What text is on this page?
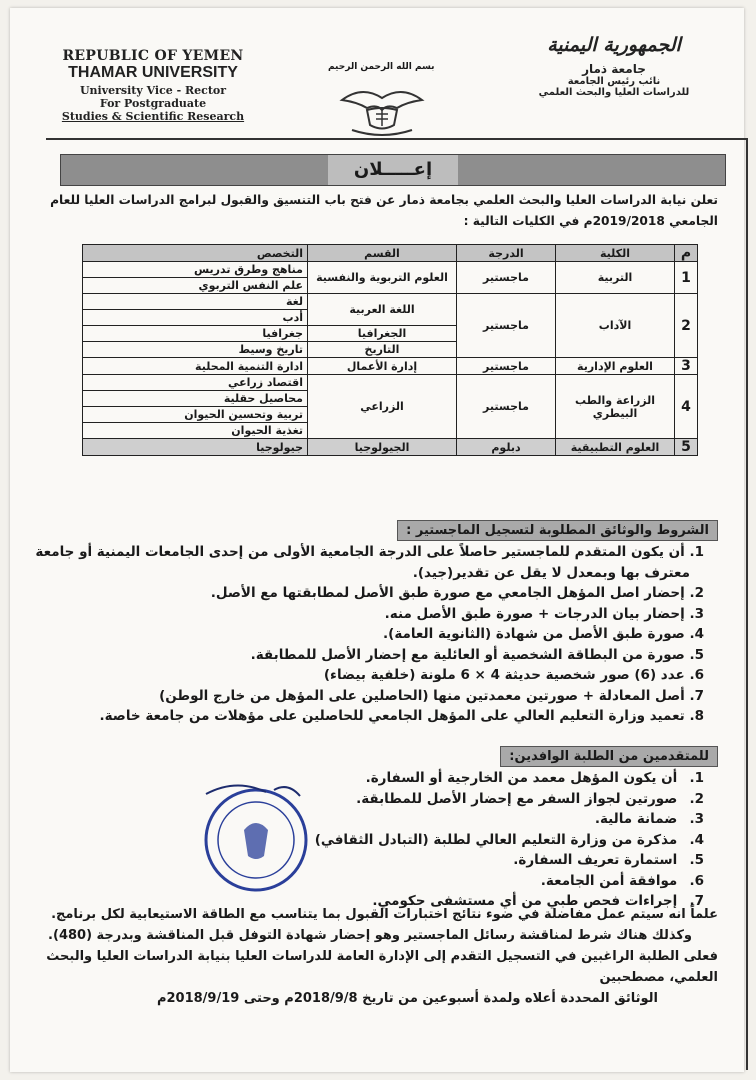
REPUBLIC OF YEMEN
THAMAR UNIVERSITY
University Vice - Rector
For Postgraduate
Studies & Scientific Research
بسم الله الرحمن الرحيم
الجمهورية اليمنية
جامعة ذمار
نائب رئيس الجامعة
للدراسات العليا والبحث العلمي
إعـــــلان
تعلن نيابة الدراسات العليا والبحث العلمي بجامعة ذمار عن فتح باب التنسيق والقبول لبرامج الدراسات العليا للعام الجامعي 2019/2018م في الكليات التالية :
م	الكلية	الدرجة	القسم	التخصص
1	التربية	ماجستير	العلوم التربوية والنفسية	مناهج وطرق تدريس
				علم النفس التربوي
2	الآداب	ماجستير	اللغة العربية	لغة
				أدب
			الجغرافيا	جغرافيا
			التاريخ	تاريخ وسيط
3	العلوم الإدارية	ماجستير	إدارة الأعمال	ادارة التنمية المحلية
4	الزراعة والطب البيطري	ماجستير	الزراعي	اقتصاد زراعي
				محاصيل حقلية
				تربية وتحسين الحيوان
				تغذية الحيوان
5	العلوم التطبيقية	دبلوم	الجيولوجيا	جيولوجيا
الشروط والوثائق المطلوبة لتسجيل الماجستير :
1. أن يكون المتقدم للماجستير حاصلاً على الدرجة الجامعية الأولى من إحدى الجامعات اليمنية أو جامعة
معترف بها وبمعدل لا يقل عن تقدير(جيد).
2. إحضار اصل المؤهل الجامعي مع صورة طبق الأصل لمطابقتها مع الأصل.
3. إحضار بيان الدرجات + صورة طبق الأصل منه.
4. صورة طبق الأصل من شهادة (الثانوية العامة).
5. صورة من البطاقة الشخصية أو العائلية مع إحضار الأصل للمطابقة.
6. عدد (6) صور شخصية حديثة 4 × 6 ملونة (خلفية بيضاء)
7. أصل المعادلة + صورتين معمدتين منها (الحاصلين على المؤهل من خارج الوطن)
8. تعميد وزارة التعليم العالي على المؤهل الجامعي للحاصلين على مؤهلات من جامعة خاصة.
للمتقدمين من الطلبة الوافدين:
1. أن يكون المؤهل معمد من الخارجية أو السفارة.
2. صورتين لجواز السفر مع إحضار الأصل للمطابقة.
3. ضمانة مالية.
4. مذكرة من وزارة التعليم العالي لطلبة (التبادل الثقافي)
5. استمارة تعريف السفارة.
6. موافقة أمن الجامعة.
7. إجراءات فحص طبي من أي مستشفى حكومي.
علماً انه سيتم عمل مفاضلة في ضوء نتائج اختبارات القبول بما يتناسب مع الطاقة الاستيعابية لكل برنامج.
وكذلك هناك شرط لمناقشة رسائل الماجستير وهو إحضار شهادة التوفل قبل المناقشة وبدرجة (480).
فعلى الطلبة الراغبين في التسجيل التقدم إلى الإدارة العامة للدراسات العليا بنيابة الدراسات العليا والبحث العلمي، مصطحبين
الوثائق المحددة أعلاه ولمدة أسبوعين من تاريخ 2018/9/8م وحتى 2018/9/19م
